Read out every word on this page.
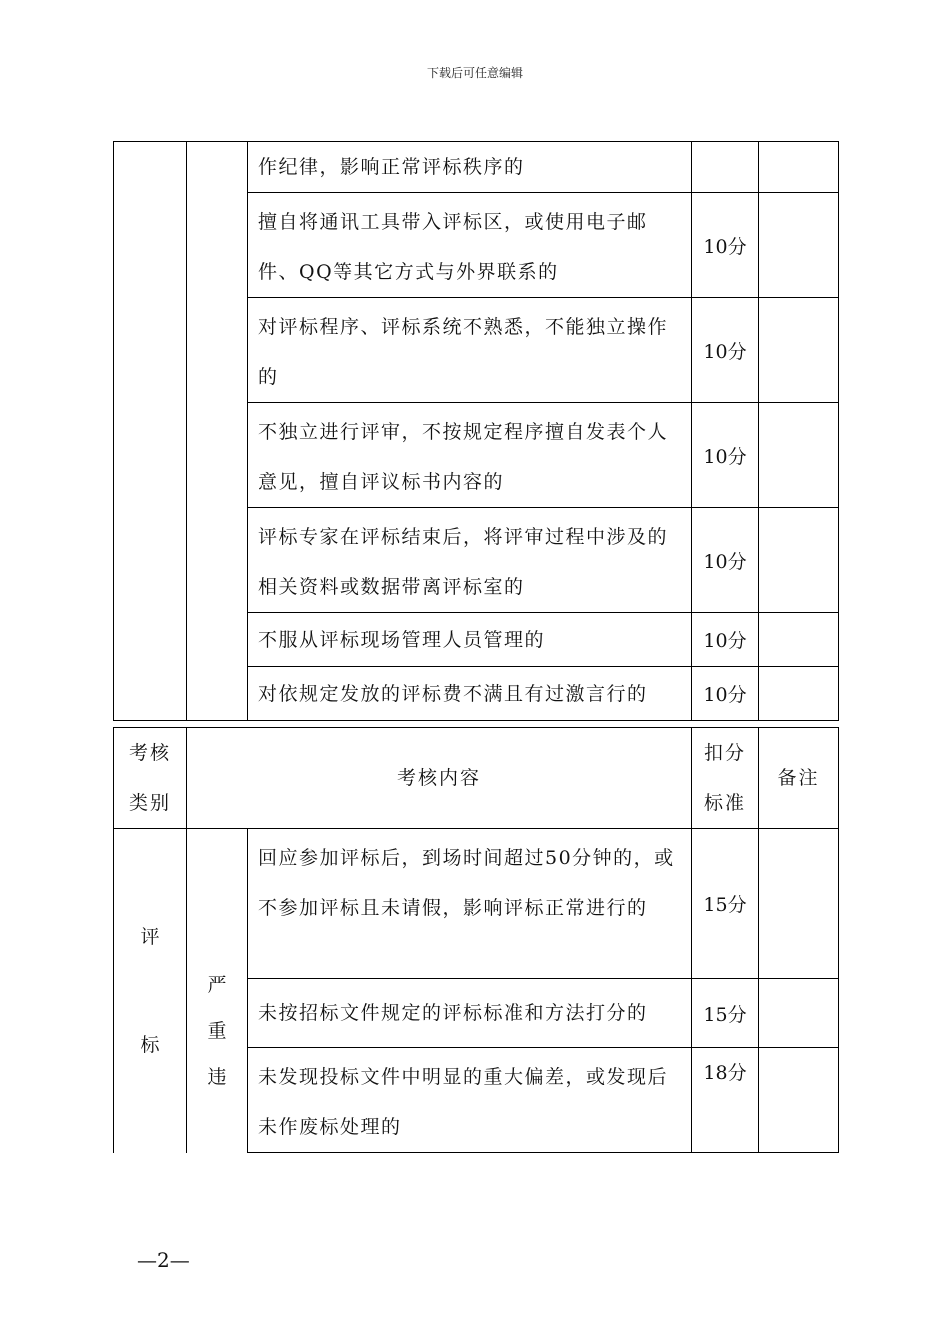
下载后可任意编辑
		作纪律，影响正常评标秩序的		
		擅自将通讯工具带入评标区，或使用电子邮件、QQ等其它方式与外界联系的	10分	
		对评标程序、评标系统不熟悉，不能独立操作的	10分	
		不独立进行评审，不按规定程序擅自发表个人意见，擅自评议标书内容的	10分	
		评标专家在评标结束后，将评审过程中涉及的相关资料或数据带离评标室的	10分	
		不服从评标现场管理人员管理的	10分	
		对依规定发放的评标费不满且有过激言行的	10分	
考核类别	考核内容		扣分标准	备注
评标	严重违	回应参加评标后，到场时间超过50分钟的，或不参加评标且未请假，影响评标正常进行的	15分	
		未按招标文件规定的评标标准和方法打分的	15分	
		未发现投标文件中明显的重大偏差，或发现后未作废标处理的	18分	
—2—
